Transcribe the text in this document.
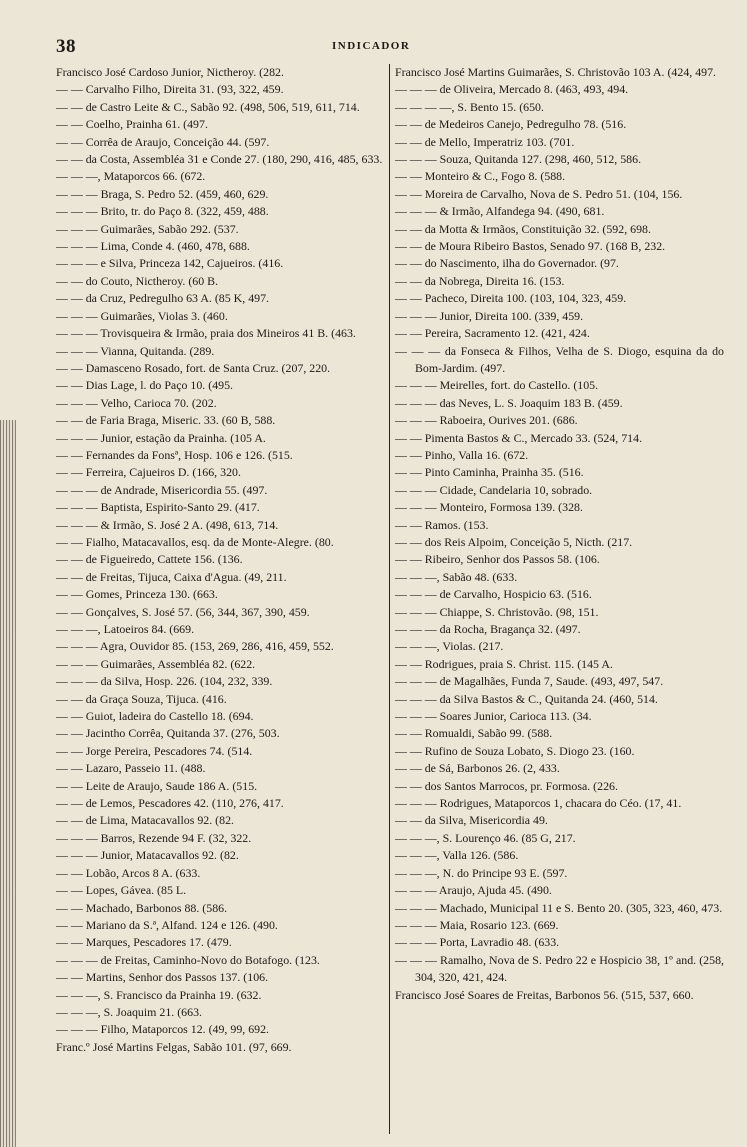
38	INDICADOR

Francisco José Cardoso Junior, Nictheroy. (282.

— — Carvalho Filho, Direita 31. (93, 322, 459.

— — de Castro Leite & C., Sabão 92. (498, 506, 519, 611, 714.

— — Coelho, Prainha 61. (497.

— — Corrêa de Araujo, Conceição 44. (597.

— — da Costa, Assembléa 31 e Conde 27. (180, 290, 416, 485, 633.

— — —, Mataporcos 66. (672.

— — — Braga, S. Pedro 52. (459, 460, 629.

— — — Brito, tr. do Paço 8. (322, 459, 488.

— — — Guimarães, Sabão 292. (537.

— — — Lima, Conde 4. (460, 478, 688.

— — — e Silva, Princeza 142, Cajueiros. (416.

— — do Couto, Nictheroy. (60 B.

— — da Cruz, Pedregulho 63 A. (85 K, 497.

— — — Guimarães, Violas 3. (460.

— — — Trovisqueira & Irmão, praia dos Mineiros 41 B. (463.

— — — Vianna, Quitanda. (289.

— — Damasceno Rosado, fort. de Santa Cruz. (207, 220.

— — Dias Lage, l. do Paço 10. (495.

— — — Velho, Carioca 70. (202.

— — de Faria Braga, Miseric. 33. (60 B, 588.

— — — Junior, estação da Prainha. (105 A.

— — Fernandes da Fonsª, Hosp. 106 e 126. (515.

— — Ferreira, Cajueiros D. (166, 320.

— — — de Andrade, Misericordia 55. (497.

— — — Baptista, Espirito-Santo 29. (417.

— — — & Irmão, S. José 2 A. (498, 613, 714.

— — Fialho, Matacavallos, esq. da de Monte-Alegre. (80.

— — de Figueiredo, Cattete 156. (136.

— — de Freitas, Tijuca, Caixa d'Agua. (49, 211.

— — Gomes, Princeza 130. (663.

— — Gonçalves, S. José 57. (56, 344, 367, 390, 459.

— — —, Latoeiros 84. (669.

— — — Agra, Ouvidor 85. (153, 269, 286, 416, 459, 552.

— — — Guimarães, Assembléa 82. (622.

— — — da Silva, Hosp. 226. (104, 232, 339.

— — da Graça Souza, Tijuca. (416.

— — Guiot, ladeira do Castello 18. (694.

— — Jacintho Corrêa, Quitanda 37. (276, 503.

— — Jorge Pereira, Pescadores 74. (514.

— — Lazaro, Passeio 11. (488.

— — Leite de Araujo, Saude 186 A. (515.

— — de Lemos, Pescadores 42. (110, 276, 417.

— — de Lima, Matacavallos 92. (82.

— — — Barros, Rezende 94 F. (32, 322.

— — — Junior, Matacavallos 92. (82.

— — Lobão, Arcos 8 A. (633.

— — Lopes, Gávea. (85 L.

— — Machado, Barbonos 88. (586.

— — Mariano da S.ª, Alfand. 124 e 126. (490.

— — Marques, Pescadores 17. (479.

— — — de Freitas, Caminho-Novo do Botafogo. (123.

— — Martins, Senhor dos Passos 137. (106.

— — —, S. Francisco da Prainha 19. (632.

— — —, S. Joaquim 21. (663.

— — — Filho, Mataporcos 12. (49, 99, 692.

Franc.º José Martins Felgas, Sabão 101. (97, 669.

Francisco José Martins Guimarães, S. Christovão 103 A. (424, 497.

— — — de Oliveira, Mercado 8. (463, 493, 494.

— — — —, S. Bento 15. (650.

— — de Medeiros Canejo, Pedregulho 78. (516.

— — de Mello, Imperatriz 103. (701.

— — — Souza, Quitanda 127. (298, 460, 512, 586.

— — Monteiro & C., Fogo 8. (588.

— — Moreira de Carvalho, Nova de S. Pedro 51. (104, 156.

— — — & Irmão, Alfandega 94. (490, 681.

— — da Motta & Irmãos, Constituição 32. (592, 698.

— — de Moura Ribeiro Bastos, Senado 97. (168 B, 232.

— — do Nascimento, ilha do Governador. (97.

— — da Nobrega, Direita 16. (153.

— — Pacheco, Direita 100. (103, 104, 323, 459.

— — — Junior, Direita 100. (339, 459.

— — Pereira, Sacramento 12. (421, 424.

— — — da Fonseca & Filhos, Velha de S. Diogo, esquina da do Bom-Jardim. (497.

— — — Meirelles, fort. do Castello. (105.

— — — das Neves, L. S. Joaquim 183 B. (459.

— — — Raboeira, Ourives 201. (686.

— — Pimenta Bastos & C., Mercado 33. (524, 714.

— — Pinho, Valla 16. (672.

— — Pinto Caminha, Prainha 35. (516.

— — — Cidade, Candelaria 10, sobrado.

— — — Monteiro, Formosa 139. (328.

— — Ramos. (153.

— — dos Reis Alpoim, Conceição 5, Nicth. (217.

— — Ribeiro, Senhor dos Passos 58. (106.

— — —, Sabão 48. (633.

— — — de Carvalho, Hospicio 63. (516.

— — — Chiappe, S. Christovão. (98, 151.

— — — da Rocha, Bragança 32. (497.

— — —, Violas. (217.

— — Rodrigues, praia S. Christ. 115. (145 A.

— — — de Magalhães, Funda 7, Saude. (493, 497, 547.

— — — da Silva Bastos & C., Quitanda 24. (460, 514.

— — — Soares Junior, Carioca 113. (34.

— — Romualdi, Sabão 99. (588.

— — Rufino de Souza Lobato, S. Diogo 23. (160.

— — de Sá, Barbonos 26. (2, 433.

— — dos Santos Marrocos, pr. Formosa. (226.

— — — Rodrigues, Mataporcos 1, chacara do Céo. (17, 41.

— — da Silva, Misericordia 49.

— — —, S. Lourenço 46. (85 G, 217.

— — —, Valla 126. (586.

— — —, N. do Principe 93 E. (597.

— — — Araujo, Ajuda 45. (490.

— — — Machado, Municipal 11 e S. Bento 20. (305, 323, 460, 473.

— — — Maia, Rosario 123. (669.

— — — Porta, Lavradio 48. (633.

— — — Ramalho, Nova de S. Pedro 22 e Hospicio 38, 1º and. (258, 304, 320, 421, 424.

Francisco José Soares de Freitas, Barbonos 56. (515, 537, 660.
